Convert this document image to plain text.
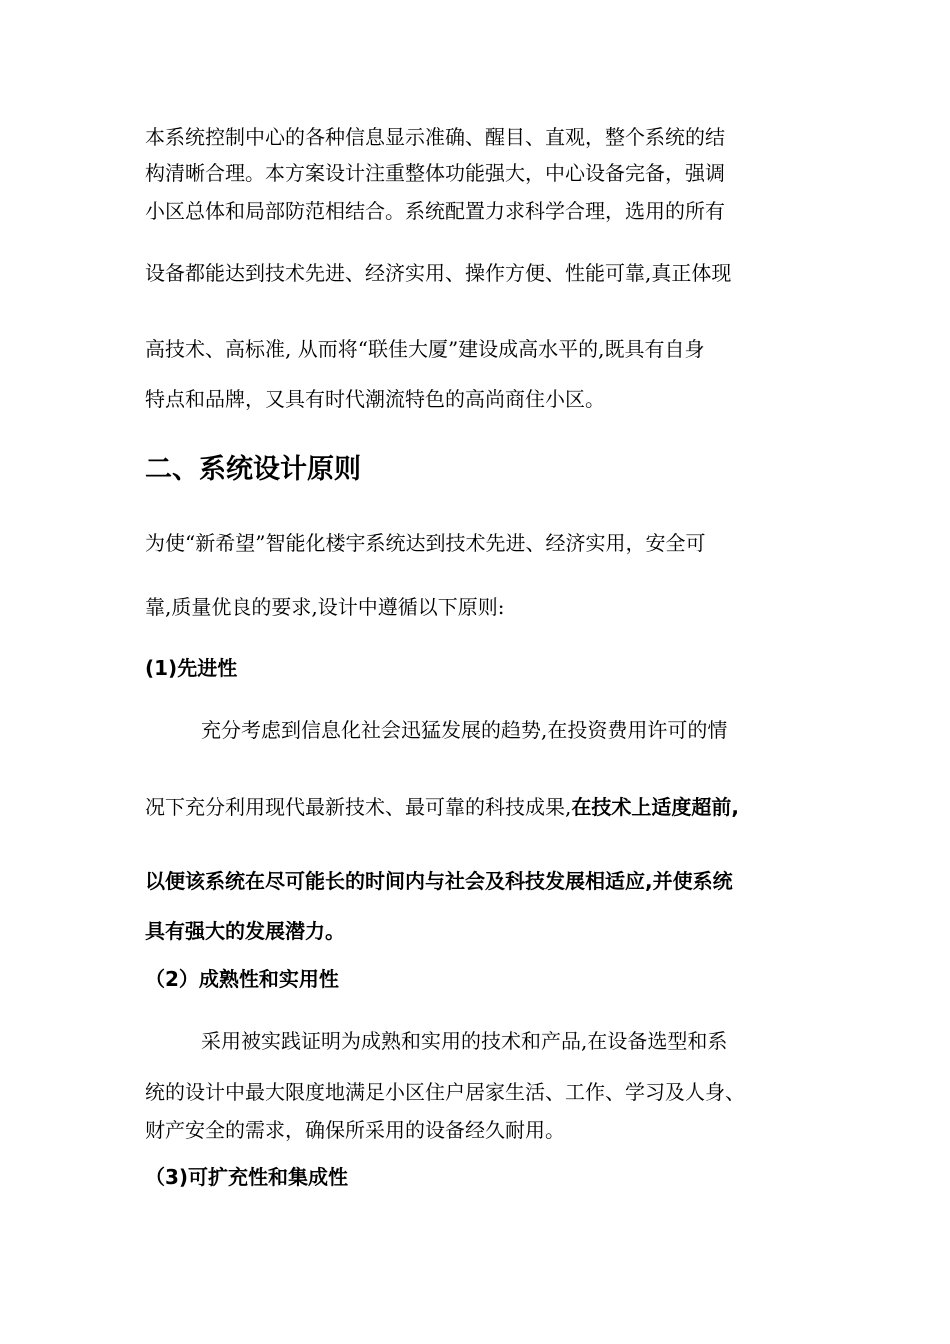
本系统控制中心的各种信息显示准确、醒目、直观，整个系统的结

构清晰合理。本方案设计注重整体功能强大，中心设备完备，强调

小区总体和局部防范相结合。系统配置力求科学合理，选用的所有

设备都能达到技术先进、经济实用、操作方便、性能可靠,真正体现

高技术、高标准, 从而将“联佳大厦”建设成高水平的,既具有自身

特点和品牌，又具有时代潮流特色的高尚商住小区。

二、系统设计原则

为使“新希望”智能化楼宇系统达到技术先进、经济实用，安全可

靠,质量优良的要求,设计中遵循以下原则:

(1)先进性

充分考虑到信息化社会迅猛发展的趋势,在投资费用许可的情

况下充分利用现代最新技术、最可靠的科技成果,在技术上适度超前,

以便该系统在尽可能长的时间内与社会及科技发展相适应,并使系统

具有强大的发展潜力。

（2）成熟性和实用性

采用被实践证明为成熟和实用的技术和产品,在设备选型和系

统的设计中最大限度地满足小区住户居家生活、工作、学习及人身、

财产安全的需求，确保所采用的设备经久耐用。

（3)可扩充性和集成性
